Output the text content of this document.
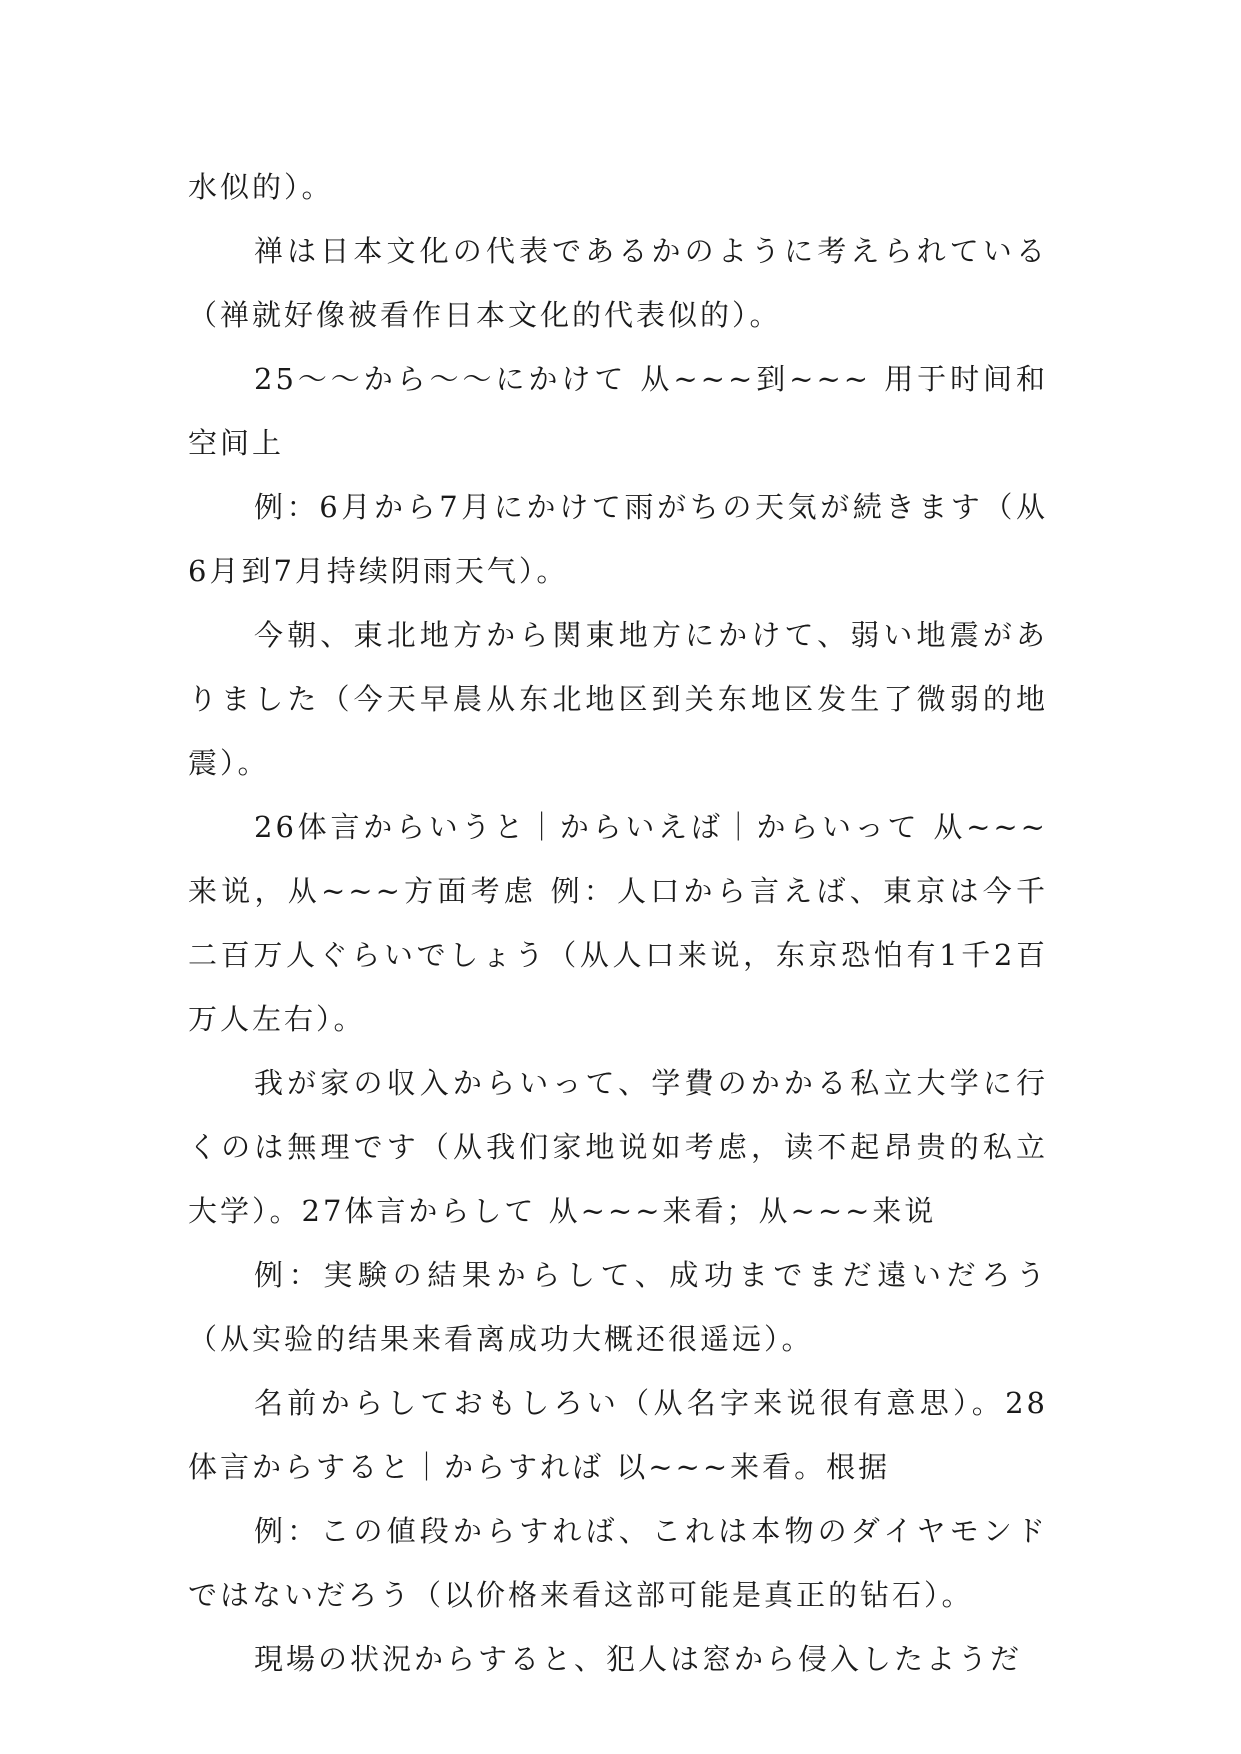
水似的）。

禅は日本文化の代表であるかのように考えられている（禅就好像被看作日本文化的代表似的）。

25～～から～～にかけて 从~~~到~~~ 用于时间和空间上

例：6月から7月にかけて雨がちの天気が続きます（从6月到7月持续阴雨天气）。

今朝、東北地方から関東地方にかけて、弱い地震がありました（今天早晨从东北地区到关东地区发生了微弱的地震）。

26体言からいうと｜からいえば｜からいって 从~~~来说，从~~~方面考虑 例：人口から言えば、東京は今千二百万人ぐらいでしょう（从人口来说，东京恐怕有1千2百万人左右）。

我が家の収入からいって、学費のかかる私立大学に行くのは無理です（从我们家地说如考虑，读不起昂贵的私立大学）。27体言からして 从~~~来看；从~~~来说

例：実験の結果からして、成功までまだ遠いだろう（从实验的结果来看离成功大概还很遥远）。

名前からしておもしろい（从名字来说很有意思）。28体言からすると｜からすれば 以~~~来看。根据

例：この値段からすれば、これは本物のダイヤモンドではないだろう（以价格来看这部可能是真正的钻石）。

現場の状況からすると、犯人は窓から侵入したようだ
